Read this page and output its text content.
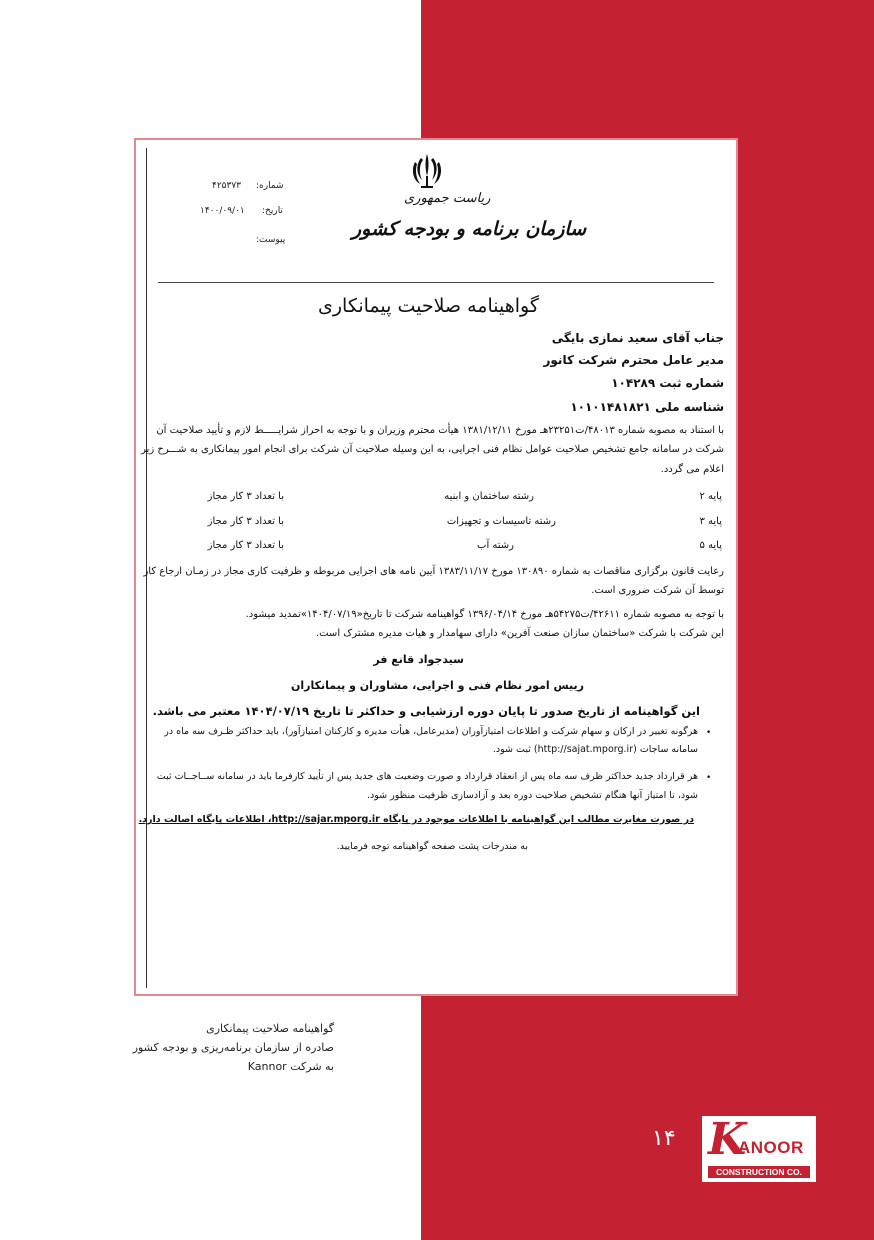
شماره:
۴۲۵۳۷۳
تاریخ:
۱۴۰۰/۰۹/۰۱
پیوست:
ریاست جمهوری
سازمان برنامه و بودجه کشور
گواهینامه صلاحیت پیمانکاری
جناب آقای سعید نمازی بایگی
مدیر عامل محترم شرکت کانور
شماره ثبت ۱۰۴۲۸۹
شناسه ملی ۱۰۱۰۱۴۸۱۸۲۱
با استناد به مصوبه شماره ۴۸۰۱۳/ت۲۳۲۵۱هـ مورخ ۱۳۸۱/۱۲/۱۱ هیأت محترم وزیران و با توجه به احراز شرایـــــط لازم و تأیید صلاحیت آن
شرکت در سامانه جامع تشخیص صلاحیت عوامل نظام فنی اجرایی، به این وسیله صلاحیت آن شرکت برای انجام امور پیمانکاری به شـــرح زیر
اعلام می گردد.
پایه ۲
رشته ساختمان و ابنیه
با تعداد ۳ کار مجاز
پایه ۳
رشته تاسیسات و تجهیزات
با تعداد ۳ کار مجاز
پایه ۵
رشته آب
با تعداد ۳ کار مجاز
رعایت قانون برگزاری مناقصات به شماره ۱۳۰۸۹۰ مورخ ۱۳۸۳/۱۱/۱۷ آیین نامه های اجرایی مربوطه و ظرفیت کاری مجاز در زمـان ارجاع کار
توسط آن شرکت ضروری است.
با توجه به مصوبه شماره ۴۲۶۱۱/ت۵۴۲۷۵هـ مورخ ۱۳۹۶/۰۴/۱۴ گواهینامه شرکت تا تاریخ«۱۴۰۴/۰۷/۱۹»تمدید میشود.
این شرکت با شرکت «ساختمان سازان صنعت آفرین» دارای سهامدار و هیات مدیره مشترک است.
سیدجواد قانع فر
رییس امور نظام فنی و اجرایی، مشاوران و پیمانکاران
این گواهینامه از تاریخ صدور تا پایان دوره ارزشیابی و حداکثر تا تاریخ ۱۴۰۴/۰۷/۱۹ معتبر می باشد.
•
هرگونه تغییر در ارکان و سهام شرکت و اطلاعات امتیازآوران (مدیرعامل، هیأت مدیره و کارکنان امتیازآور)، باید حداکثر ظـرف سه ماه در
سامانه ساجات (http://sajat.mporg.ir) ثبت شود.
•
هر قرارداد جدید حداکثر ظرف سه ماه پس از انعقاد قرارداد و صورت وضعیت های جدید پس از تأیید کارفرما باید در سامانه ســاجــات ثبت
شود، تا امتیاز آنها هنگام تشخیص صلاحیت دوره بعد و آزادسازی ظرفیت منظور شود.
در صورت مغایرت مطالب این گواهینامه با اطلاعات موجود در پایگاه http://sajar.mporg.ir، اطلاعات پایگاه اصالت دارد.
به مندرجات پشت صفحه گواهینامه توجه فرمایید.
گواهینامه صلاحیت پیمانکاری
صادره از سازمان برنامه‌ریزی و بودجه کشور
به شرکت Kannor
۱۴ K
ANOOR
CONSTRUCTION CO.
